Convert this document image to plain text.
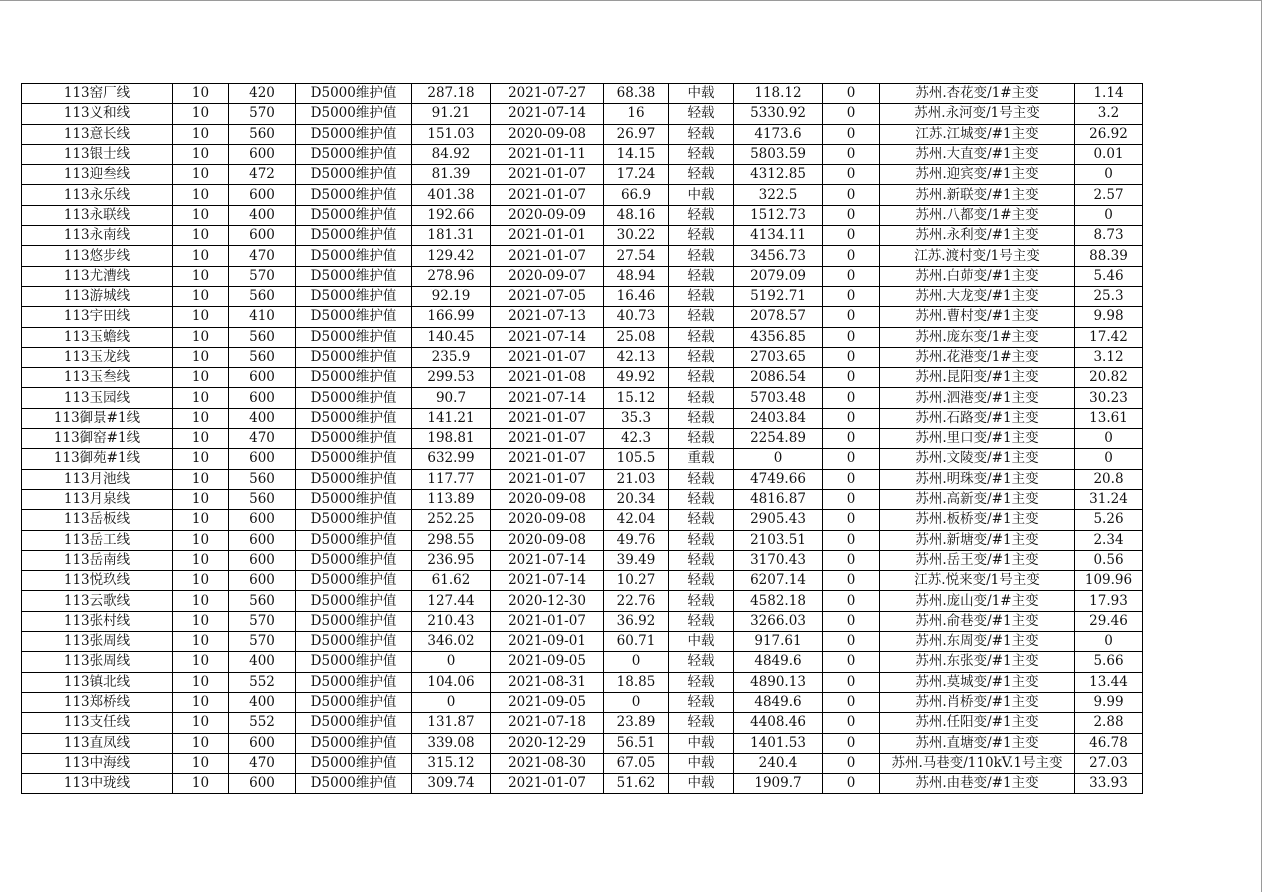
113窑厂线	10	420	D5000维护值	287.18	2021-07-27	68.38	中载	118.12	0	苏州.杏花变/1#主变	1.14
113义和线	10	570	D5000维护值	91.21	2021-07-14	16	轻载	5330.92	0	苏州.永河变/1号主变	3.2
113意长线	10	560	D5000维护值	151.03	2020-09-08	26.97	轻载	4173.6	0	江苏.江城变/#1主变	26.92
113银士线	10	600	D5000维护值	84.92	2021-01-11	14.15	轻载	5803.59	0	苏州.大直变/#1主变	0.01
113迎叁线	10	472	D5000维护值	81.39	2021-01-07	17.24	轻载	4312.85	0	苏州.迎宾变/#1主变	0
113永乐线	10	600	D5000维护值	401.38	2021-01-07	66.9	中载	322.5	0	苏州.新联变/#1主变	2.57
113永联线	10	400	D5000维护值	192.66	2020-09-09	48.16	轻载	1512.73	0	苏州.八都变/1#主变	0
113永南线	10	600	D5000维护值	181.31	2021-01-01	30.22	轻载	4134.11	0	苏州.永利变/#1主变	8.73
113悠步线	10	470	D5000维护值	129.42	2021-01-07	27.54	轻载	3456.73	0	江苏.渡村变/1号主变	88.39
113尤漕线	10	570	D5000维护值	278.96	2020-09-07	48.94	轻载	2079.09	0	苏州.白茆变/#1主变	5.46
113游城线	10	560	D5000维护值	92.19	2021-07-05	16.46	轻载	5192.71	0	苏州.大龙变/#1主变	25.3
113宇田线	10	410	D5000维护值	166.99	2021-07-13	40.73	轻载	2078.57	0	苏州.曹村变/#1主变	9.98
113玉蟾线	10	560	D5000维护值	140.45	2021-07-14	25.08	轻载	4356.85	0	苏州.庞东变/1#主变	17.42
113玉龙线	10	560	D5000维护值	235.9	2021-01-07	42.13	轻载	2703.65	0	苏州.花港变/1#主变	3.12
113玉叁线	10	600	D5000维护值	299.53	2021-01-08	49.92	轻载	2086.54	0	苏州.昆阳变/#1主变	20.82
113玉园线	10	600	D5000维护值	90.7	2021-07-14	15.12	轻载	5703.48	0	苏州.泗港变/#1主变	30.23
113御景#1线	10	400	D5000维护值	141.21	2021-01-07	35.3	轻载	2403.84	0	苏州.石路变/#1主变	13.61
113御窑#1线	10	470	D5000维护值	198.81	2021-01-07	42.3	轻载	2254.89	0	苏州.里口变/#1主变	0
113御苑#1线	10	600	D5000维护值	632.99	2021-01-07	105.5	重载	0	0	苏州.文陵变/#1主变	0
113月池线	10	560	D5000维护值	117.77	2021-01-07	21.03	轻载	4749.66	0	苏州.明珠变/#1主变	20.8
113月泉线	10	560	D5000维护值	113.89	2020-09-08	20.34	轻载	4816.87	0	苏州.高新变/#1主变	31.24
113岳板线	10	600	D5000维护值	252.25	2020-09-08	42.04	轻载	2905.43	0	苏州.板桥变/#1主变	5.26
113岳工线	10	600	D5000维护值	298.55	2020-09-08	49.76	轻载	2103.51	0	苏州.新塘变/#1主变	2.34
113岳南线	10	600	D5000维护值	236.95	2021-07-14	39.49	轻载	3170.43	0	苏州.岳王变/#1主变	0.56
113悦玖线	10	600	D5000维护值	61.62	2021-07-14	10.27	轻载	6207.14	0	江苏.悦来变/1号主变	109.96
113云歌线	10	560	D5000维护值	127.44	2020-12-30	22.76	轻载	4582.18	0	苏州.庞山变/1#主变	17.93
113张村线	10	570	D5000维护值	210.43	2021-01-07	36.92	轻载	3266.03	0	苏州.俞巷变/#1主变	29.46
113张周线	10	570	D5000维护值	346.02	2021-09-01	60.71	中载	917.61	0	苏州.东周变/#1主变	0
113张周线	10	400	D5000维护值	0	2021-09-05	0	轻载	4849.6	0	苏州.东张变/#1主变	5.66
113镇北线	10	552	D5000维护值	104.06	2021-08-31	18.85	轻载	4890.13	0	苏州.莫城变/#1主变	13.44
113郑桥线	10	400	D5000维护值	0	2021-09-05	0	轻载	4849.6	0	苏州.肖桥变/#1主变	9.99
113支任线	10	552	D5000维护值	131.87	2021-07-18	23.89	轻载	4408.46	0	苏州.任阳变/#1主变	2.88
113直凤线	10	600	D5000维护值	339.08	2020-12-29	56.51	中载	1401.53	0	苏州.直塘变/#1主变	46.78
113中海线	10	470	D5000维护值	315.12	2021-08-30	67.05	中载	240.4	0	苏州.马巷变/110kV.1号主变	27.03
113中珑线	10	600	D5000维护值	309.74	2021-01-07	51.62	中载	1909.7	0	苏州.由巷变/#1主变	33.93
